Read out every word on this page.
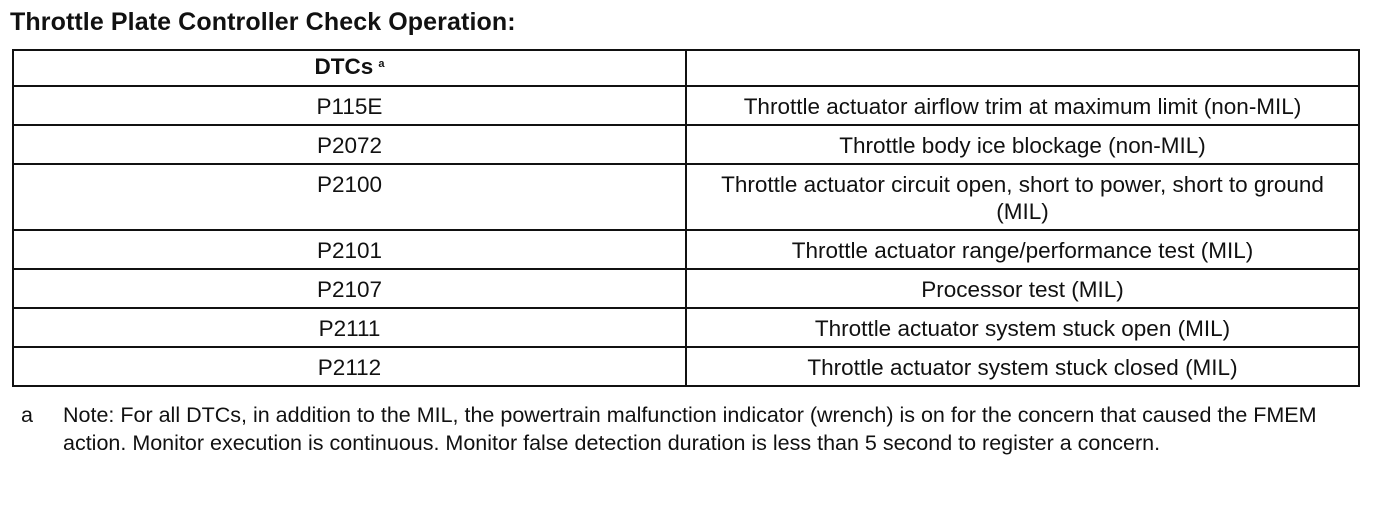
Throttle Plate Controller Check Operation:
DTCs $^a$	
P115E	Throttle actuator airflow trim at maximum limit (non-MIL)
P2072	Throttle body ice blockage (non-MIL)
P2100	Throttle actuator circuit open, short to power, short to ground (MIL)
P2101	Throttle actuator range/performance test (MIL)
P2107	Processor test (MIL)
P2111	Throttle actuator system stuck open (MIL)
P2112	Throttle actuator system stuck closed (MIL)
a Note: For all DTCs, in addition to the MIL, the powertrain malfunction indicator (wrench) is on for the concern that caused the FMEM action. Monitor execution is continuous. Monitor false detection duration is less than 5 second to register a concern.
